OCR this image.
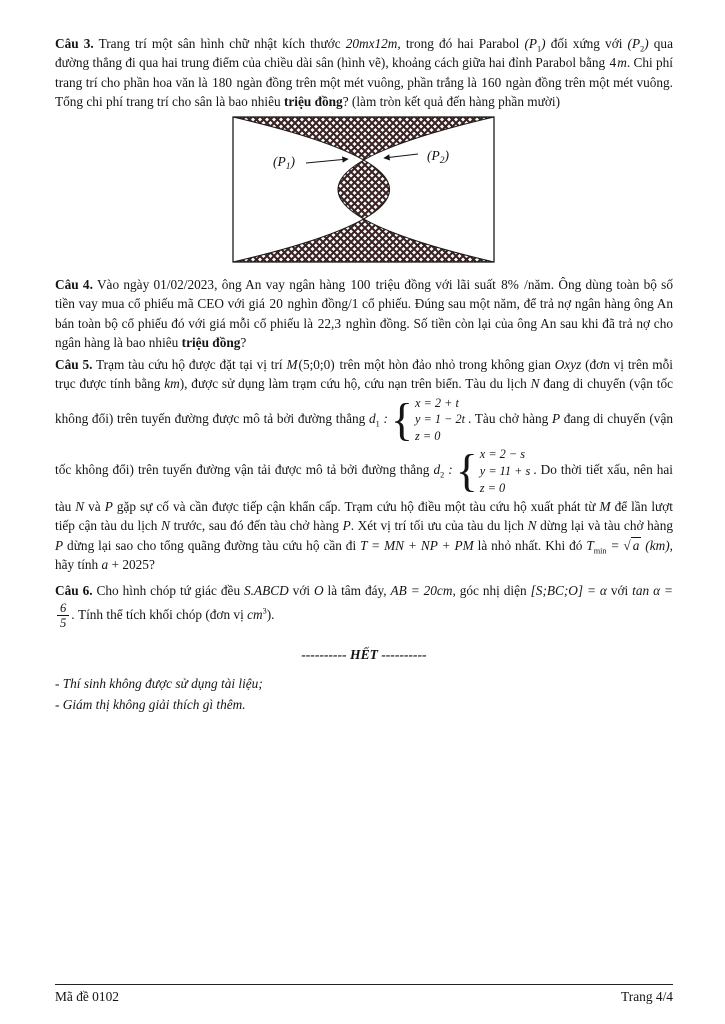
Câu 3. Trang trí một sân hình chữ nhật kích thước 20mx12m, trong đó hai Parabol $(P_1)$ đối xứng với $(P_2)$ qua đường thẳng đi qua hai trung điểm của chiều dài sân (hình vẽ), khoảng cách giữa hai đỉnh Parabol bằng 4m. Chi phí trang trí cho phần hoa văn là 180 ngàn đồng trên một mét vuông, phần trắng là 160 ngàn đồng trên một mét vuông. Tổng chi phí trang trí cho sân là bao nhiêu triệu đồng? (làm tròn kết quả đến hàng phần mười)

$(P_1)$	$(P_2)$

Câu 4. Vào ngày 01/02/2023, ông An vay ngân hàng 100 triệu đồng với lãi suất 8% /năm. Ông dùng toàn bộ số tiền vay mua cổ phiếu mã CEO với giá 20 nghìn đồng/1 cổ phiếu. Đúng sau một năm, để trả nợ ngân hàng ông An bán toàn bộ cổ phiếu đó với giá mỗi cổ phiếu là 22,3 nghìn đồng. Số tiền còn lại của ông An sau khi đã trả nợ cho ngân hàng là bao nhiêu triệu đồng?

Câu 5. Trạm tàu cứu hộ được đặt tại vị trí M(5;0;0) trên một hòn đảo nhỏ trong không gian Oxyz (đơn vị trên mỗi trục được tính bằng km), được sử dụng làm trạm cứu hộ, cứu nạn trên biển. Tàu du lịch N đang di chuyển (vận tốc không đổi) trên tuyến đường được mô tả bởi đường thẳng $d_1$ : { x = 2 + t
y = 1 − 2t
z = 0
. Tàu chở hàng P đang di chuyển (vận tốc không đổi) trên tuyến đường vận tải được mô tả bởi đường thẳng $d_2$ : { x = 2 − s
y = 11 + s
z = 0
. Do thời tiết xấu, nên hai tàu N và P gặp sự cố và cần được tiếp cận khẩn cấp. Trạm cứu hộ điều một tàu cứu hộ xuất phát từ M để lần lượt tiếp cận tàu du lịch N trước, sau đó đến tàu chở hàng P. Xét vị trí tối ưu của tàu du lịch N dừng lại và tàu chở hàng P dừng lại sao cho tổng quãng đường tàu cứu hộ cần đi T = MN + NP + PM là nhỏ nhất. Khi đó $T_{min}$ = √ a (km), hãy tính a + 2025?

Câu 6. Cho hình chóp tứ giác đều S.ABCD với O là tâm đáy, AB = 20cm, góc nhị diện [S;BC;O] = α với tan α =
$\frac{6}{5}$ . Tính thể tích khối chóp (đơn vị $cm^3$).

---------- HẾT ----------

- Thí sinh không được sử dụng tài liệu;

- Giám thị không giải thích gì thêm.

Mã đề 0102	Trang 4/4
